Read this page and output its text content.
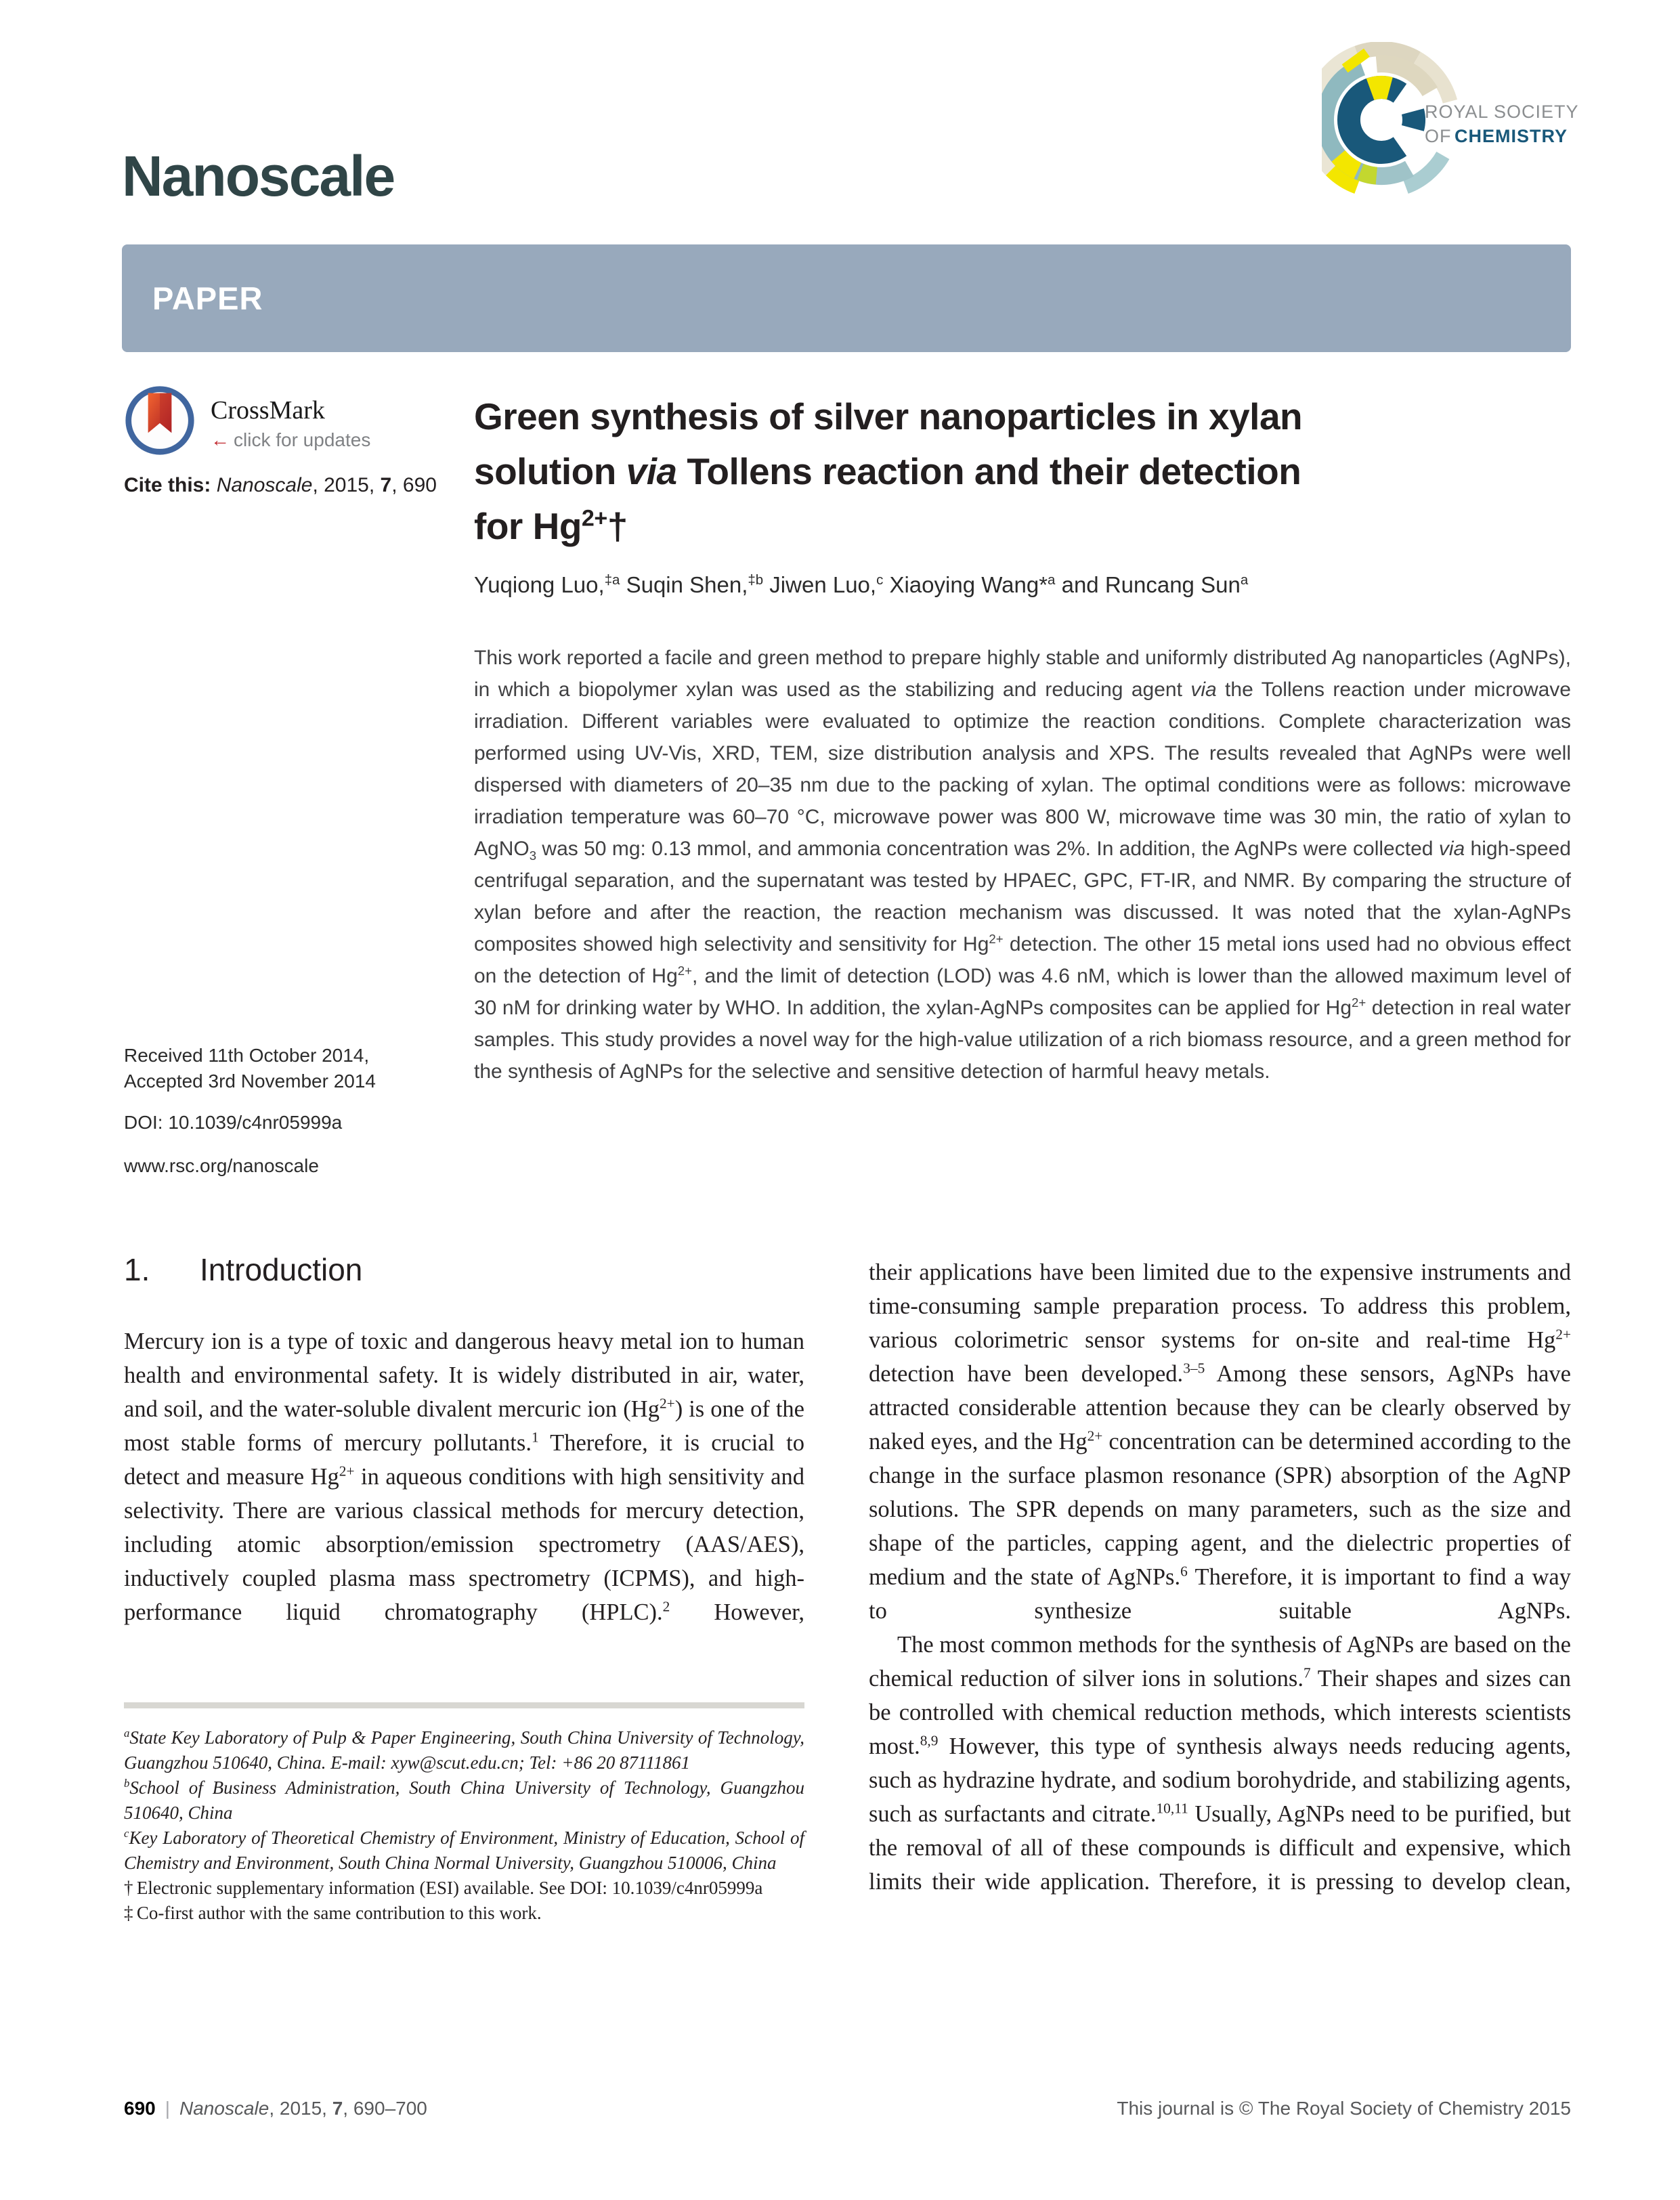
Nanoscale
ROYAL SOCIETY
OF CHEMISTRY
PAPER
CrossMark
← click for updates
Cite this: Nanoscale, 2015, 7, 690
Green synthesis of silver nanoparticles in xylan
solution via Tollens reaction and their detection
for $Hg^{2+}\dagger$
Yuqiong Luo,$^{\ddagger a}$ Suqin Shen,$^{\ddagger b}$ Jiwen Luo,$^c$ Xiaoying Wang*$^a$ and Runcang Sun$^a$
This work reported a facile and green method to prepare highly stable and uniformly distributed Ag nanoparticles (AgNPs), in which a biopolymer xylan was used as the stabilizing and reducing agent via the Tollens reaction under microwave irradiation. Different variables were evaluated to optimize the reaction conditions. Complete characterization was performed using UV-Vis, XRD, TEM, size distribution analysis and XPS. The results revealed that AgNPs were well dispersed with diameters of 20–35 nm due to the packing of xylan. The optimal conditions were as follows: microwave irradiation temperature was 60–70 °C, microwave power was 800 W, microwave time was 30 min, the ratio of xylan to AgNO$_3$ was 50 mg: 0.13 mmol, and ammonia concentration was 2%. In addition, the AgNPs were collected via high-speed centrifugal separation, and the supernatant was tested by HPAEC, GPC, FT-IR, and NMR. By comparing the structure of xylan before and after the reaction, the reaction mechanism was discussed. It was noted that the xylan-AgNPs composites showed high selectivity and sensitivity for $Hg^{2+}$ detection. The other 15 metal ions used had no obvious effect on the detection of $Hg^{2+}$, and the limit of detection (LOD) was 4.6 nM, which is lower than the allowed maximum level of 30 nM for drinking water by WHO. In addition, the xylan-AgNPs composites can be applied for $Hg^{2+}$ detection in real water samples. This study provides a novel way for the high-value utilization of a rich biomass resource, and a green method for the synthesis of AgNPs for the selective and sensitive detection of harmful heavy metals.
Received 11th October 2014,
Accepted 3rd November 2014
DOI: 10.1039/c4nr05999a
www.rsc.org/nanoscale
1. Introduction

Mercury ion is a type of toxic and dangerous heavy metal ion to human health and environmental safety. It is widely distributed in air, water, and soil, and the water-soluble divalent mercuric ion $(Hg^{2+})$ is one of the most stable forms of mercury pollutants.$^1$ Therefore, it is crucial to detect and measure $Hg^{2+}$ in aqueous conditions with high sensitivity and selectivity. There are various classical methods for mercury detection, including atomic absorption/emission spectrometry (AAS/AES), inductively coupled plasma mass spectrometry (ICPMS), and high-performance liquid chromatography (HPLC).$^2$ However,

$^a$State Key Laboratory of Pulp & Paper Engineering, South China University of Technology, Guangzhou 510640, China. E-mail: xyw@scut.edu.cn; Tel: +86 20 87111861

$^b$School of Business Administration, South China University of Technology, Guangzhou 510640, China

$^c$Key Laboratory of Theoretical Chemistry of Environment, Ministry of Education, School of Chemistry and Environment, South China Normal University, Guangzhou 510006, China

† Electronic supplementary information (ESI) available. See DOI: 10.1039/c4nr05999a

‡ Co-first author with the same contribution to this work.

their applications have been limited due to the expensive instruments and time-consuming sample preparation process. To address this problem, various colorimetric sensor systems for on-site and real-time $Hg^{2+}$ detection have been developed.$^{3-5}$ Among these sensors, AgNPs have attracted considerable attention because they can be clearly observed by naked eyes, and the $Hg^{2+}$ concentration can be determined according to the change in the surface plasmon resonance (SPR) absorption of the AgNP solutions. The SPR depends on many parameters, such as the size and shape of the particles, capping agent, and the dielectric properties of medium and the state of AgNPs.$^6$ Therefore, it is important to find a way to synthesize suitable AgNPs.

The most common methods for the synthesis of AgNPs are based on the chemical reduction of silver ions in solutions.$^7$ Their shapes and sizes can be controlled with chemical reduction methods, which interests scientists most.$^{8,9}$ However, this type of synthesis always needs reducing agents, such as hydrazine hydrate, and sodium borohydride, and stabilizing agents, such as surfactants and citrate.$^{10,11}$ Usually, AgNPs need to be purified, but the removal of all of these compounds is difficult and expensive, which limits their wide application. Therefore, it is pressing to develop clean,

690 | Nanoscale, 2015, 7, 690–700	This journal is © The Royal Society of Chemistry 2015
